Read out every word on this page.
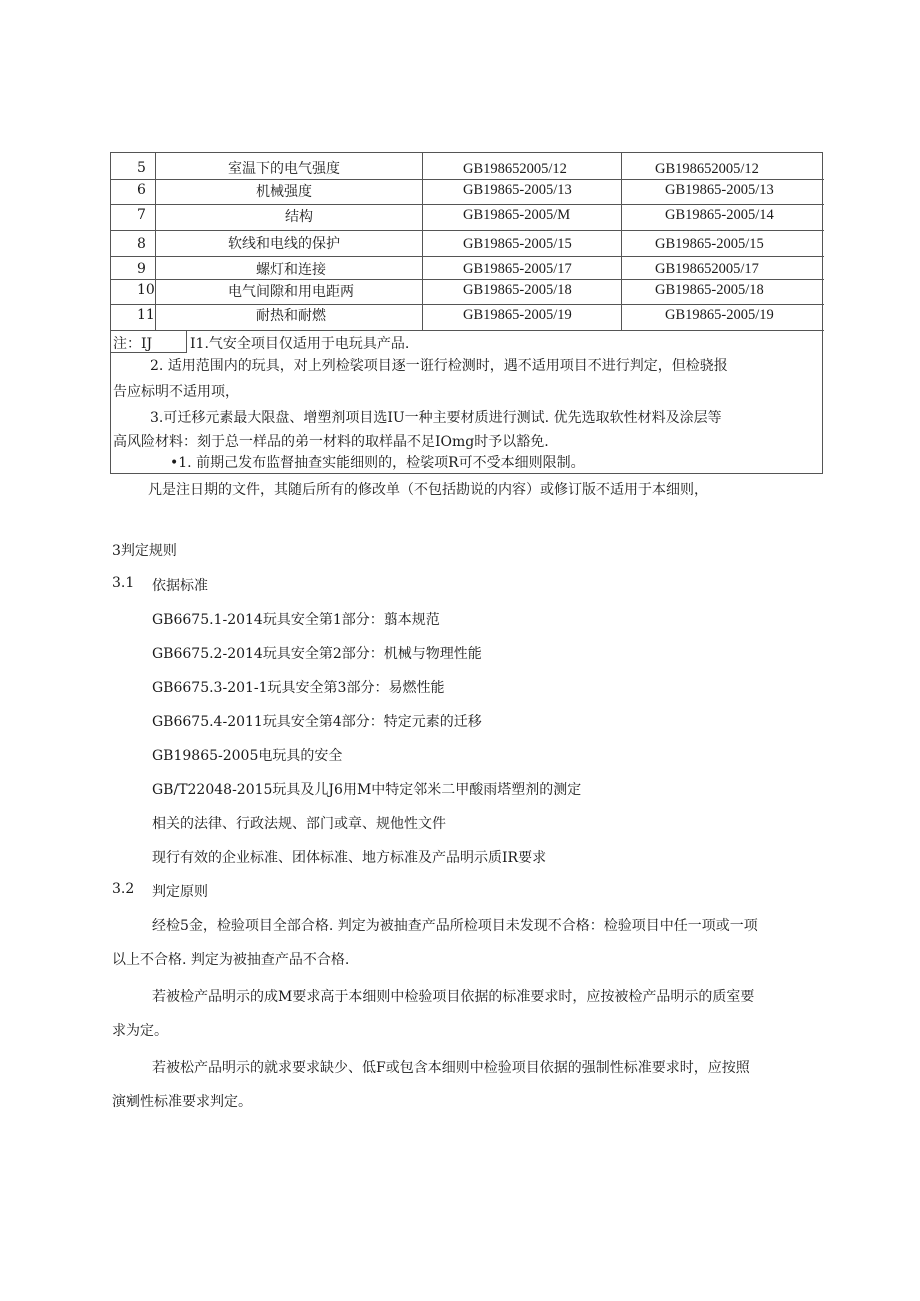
5	室温下的电气强度	GB198652005/12	GB198652005/12
6	机械强度	GB19865-2005/13	GB19865-2005/13
7	结构	GB19865-2005/M	GB19865-2005/14
8	软线和电线的保护	GB19865-2005/15	GB19865-2005/15
9	螺灯和连接	GB19865-2005/17	GB198652005/17
10	电气间隙和用电距两	GB19865-2005/18	GB19865-2005/18
11	耐热和耐燃	GB19865-2005/19	GB19865-2005/19
注：IJ	I1.气安全项目仅适用于电玩具产品.
2. 适用范围内的玩具，对上列检裟项目逐一诳行检测时，遇不适用项目不进行判定，但检骁报
告应标明不适用项，
3.可迁移元素最大限盘、增塑剂项目选IU一种主要材质进行测试. 优先选取软性材料及涂层等
高风险材料：刻于总一样品的弟一材料的取样晶不足IOmg时予以豁免.
•1. 前期己发布监督抽查实能细则的，检裟项R可不受本细则限制。
凡是注日期的文件，其随后所有的修改单（不包括勘说的内容）或修订版不适用于本细则，
3判定规则
3.1 依据标准
GB6675.1-2014玩具安全第1部分：翦本规范
GB6675.2-2014玩具安全第2部分：机械与物理性能
GB6675.3-201-1玩具安全第3部分：易燃性能
GB6675.4-2011玩具安全第4部分：特定元素的迁移
GB19865-2005电玩具的安全
GB/T22048-2015玩具及儿J6用M中特定邻米二甲酸雨塔塑剂的测定
相关的法律、行政法规、部门或章、规他性文件
现行有效的企业标准、团体标准、地方标准及产品明示质IR要求
3.2 判定原则
经检5金，检验项目全部合格. 判定为被抽查产品所检项目未发现不合格：检验项目中任一项或一项
以上不合格. 判定为被抽查产品不合格.
若被检产品明示的成M要求高于本细则中检验项目依据的标准要求时，应按被检产品明示的质室要
求为定。
若被松产品明示的就求要求缺少、低F或包含本细则中检验项目依据的强制性标准要求时，应按照
演剜性标准要求判定。
